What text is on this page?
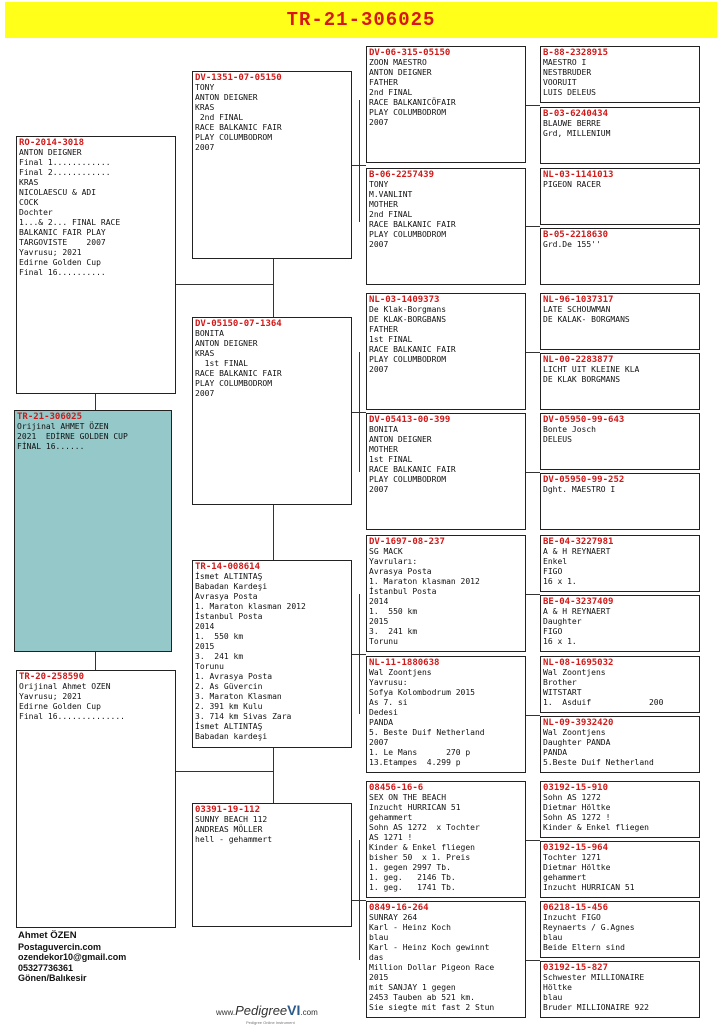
TR-21-306025
RO-2014-3018
ANTON DEIGNER
Final 1............
Final 2............
KRAS
NICOLAESCU & ADI
COCK
Dochter
1...& 2... FINAL RACE
BALKANIC FAIR PLAY
TARGOVISTE    2007
Yavrusu; 2021
Edirne Golden Cup
Final 16..........
TR-21-306025
Orijinal AHMET ÖZEN
2021  EDİRNE GOLDEN CUP
FİNAL 16......
TR-20-258590
Orijinal Ahmet OZEN
Yavrusu; 2021
Edirne Golden Cup
Final 16..............
DV-1351-07-05150
TONY
ANTON DEIGNER
KRAS
2nd FINAL
RACE BALKANIC FAIR
PLAY COLUMBODROM
2007
DV-05150-07-1364
BONITA
ANTON DEIGNER
KRAS
1st FINAL
RACE BALKANIC FAIR
PLAY COLUMBODROM
2007
TR-14-008614
İsmet ALTINTAŞ
Babadan Kardeşi
Avrasya Posta
1. Maraton klasman 2012
İstanbul Posta
2014
1.  550 km
2015
3.  241 km
Torunu
1. Avrasya Posta
2. As Güvercin
3. Maraton Klasman
2. 391 km Kulu
3. 714 km Sivas Zara
İsmet ALTINTAŞ
Babadan kardeşi
03391-19-112
SUNNY BEACH 112
ANDREAS MÖLLER
hell - gehammert
DV-06-315-05150
ZOON MAESTRO
ANTON DEIGNER
FATHER
2nd FINAL
RACE BALKANICÖFAIR
PLAY COLUMBODROM
2007
B-06-2257439
TONY
M.VANLINT
MOTHER
2nd FINAL
RACE BALKANIC FAIR
PLAY COLUMBODROM
2007
NL-03-1409373
De Klak-Borgmans
DE KLAK-BORGBANS
FATHER
1st FINAL
RACE BALKANIC FAIR
PLAY COLUMBODROM
2007
DV-05413-00-399
BONITA
ANTON DEIGNER
MOTHER
1st FINAL
RACE BALKANIC FAIR
PLAY COLUMBODROM
2007
DV-1697-08-237
SG MACK
Yavruları:
Avrasya Posta
1. Maraton klasman 2012
İstanbul Posta
2014
1.  550 km
2015
3.  241 km
Torunu
NL-11-1880638
Wal Zoontjens
Yavrusu:
Sofya Kolombodrum 2015
As 7. si
Dedesi
PANDA
5. Beste Duif Netherland
2007
1. Le Mans      270 p
13.Etampes  4.299 p
08456-16-6
SEX ON THE BEACH
Inzucht HURRICAN 51
gehammert
Sohn AS 1272  x Tochter
AS 1271 !
Kinder & Enkel fliegen
bisher 50  x 1. Preis
1. gegen 2997 Tb.
1. geg.   2146 Tb.
1. geg.   1741 Tb.
0849-16-264
SUNRAY 264
Karl - Heinz Koch
blau
Karl - Heinz Koch gewinnt
das
Million Dollar Pigeon Race
2015
mit SANJAY 1 gegen
2453 Tauben ab 521 km.
Sie siegte mit fast 2 Stun
B-88-2328915
MAESTRO I
NESTBRUDER
VOORUIT
LUIS DELEUS
B-03-6240434
BLAUWE BERRE
Grd, MILLENIUM
NL-03-1141013
PIGEON RACER
B-05-2218630
Grd.De 155''
NL-96-1037317
LATE SCHOUWMAN
DE KALAK- BORGMANS
NL-00-2283877
LICHT UIT KLEINE KLA
DE KLAK BORGMANS
DV-05950-99-643
Bonte Josch
DELEUS
DV-05950-99-252
Dght. MAESTRO I
BE-04-3227981
A & H REYNAERT
Enkel
FIGO
16 x 1.
BE-04-3237409
A & H REYNAERT
Daughter
FIGO
16 x 1.
NL-08-1695032
Wal Zoontjens
Brother
WITSTART
1.  Asduif            200
NL-09-3932420
Wal Zoontjens
Daughter PANDA
PANDA
5.Beste Duif Netherland
03192-15-910
Sohn AS 1272
Dietmar Höltke
Sohn AS 1272 !
Kinder & Enkel fliegen
03192-15-964
Tochter 1271
Dietmar Höltke
gehammert
Inzucht HURRICAN 51
06218-15-456
Inzucht FIGO
Reynaerts / G.Agnes
blau
Beide Eltern sind
03192-15-827
Schwester MILLIONAIRE
Höltke
blau
Bruder MILLIONAIRE 922
Ahmet ÖZEN
Postaguvercin.com
ozendekor10@gmail.com
05327736361
Gönen/Balıkesir
www.PedigreeVI.com
Pedigree Online Instrument
